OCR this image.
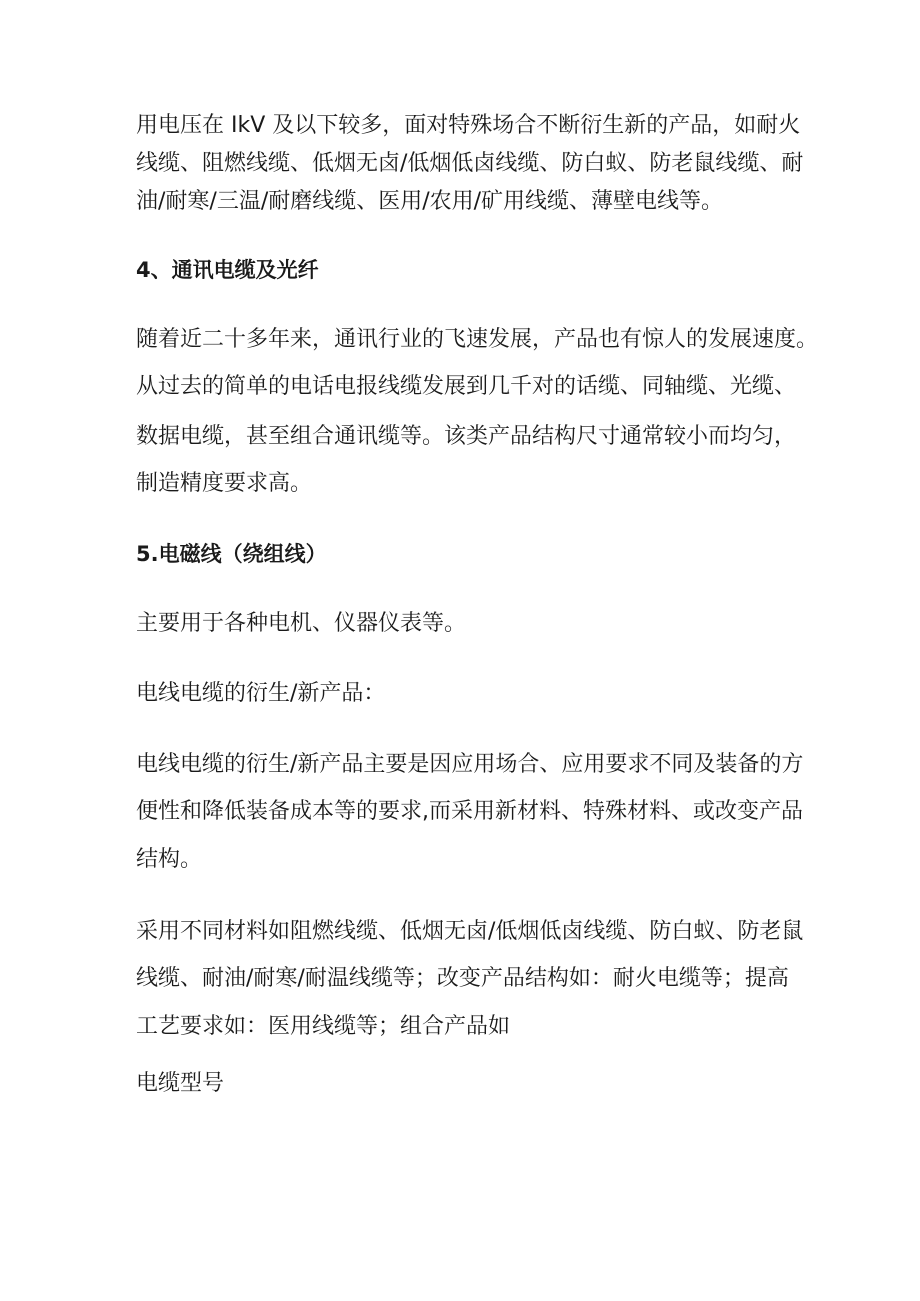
用电压在 IkV 及以下较多，面对特殊场合不断衍生新的产品，如耐火
线缆、阻燃线缆、低烟无卤/低烟低卤线缆、防白蚁、防老鼠线缆、耐
油/耐寒/三温/耐磨线缆、医用/农用/矿用线缆、薄壁电线等。
4、通讯电缆及光纤
随着近二十多年来，通讯行业的飞速发展，产品也有惊人的发展速度。
从过去的简单的电话电报线缆发展到几千对的话缆、同轴缆、光缆、
数据电缆，甚至组合通讯缆等。该类产品结构尺寸通常较小而均匀，
制造精度要求高。
5.电磁线（绕组线）
主要用于各种电机、仪器仪表等。
电线电缆的衍生/新产品：
电线电缆的衍生/新产品主要是因应用场合、应用要求不同及装备的方
便性和降低装备成本等的要求,而采用新材料、特殊材料、或改变产品
结构。
采用不同材料如阻燃线缆、低烟无卤/低烟低卤线缆、防白蚁、防老鼠
线缆、耐油/耐寒/耐温线缆等；改变产品结构如：耐火电缆等；提高
工艺要求如：医用线缆等；组合产品如
电缆型号
